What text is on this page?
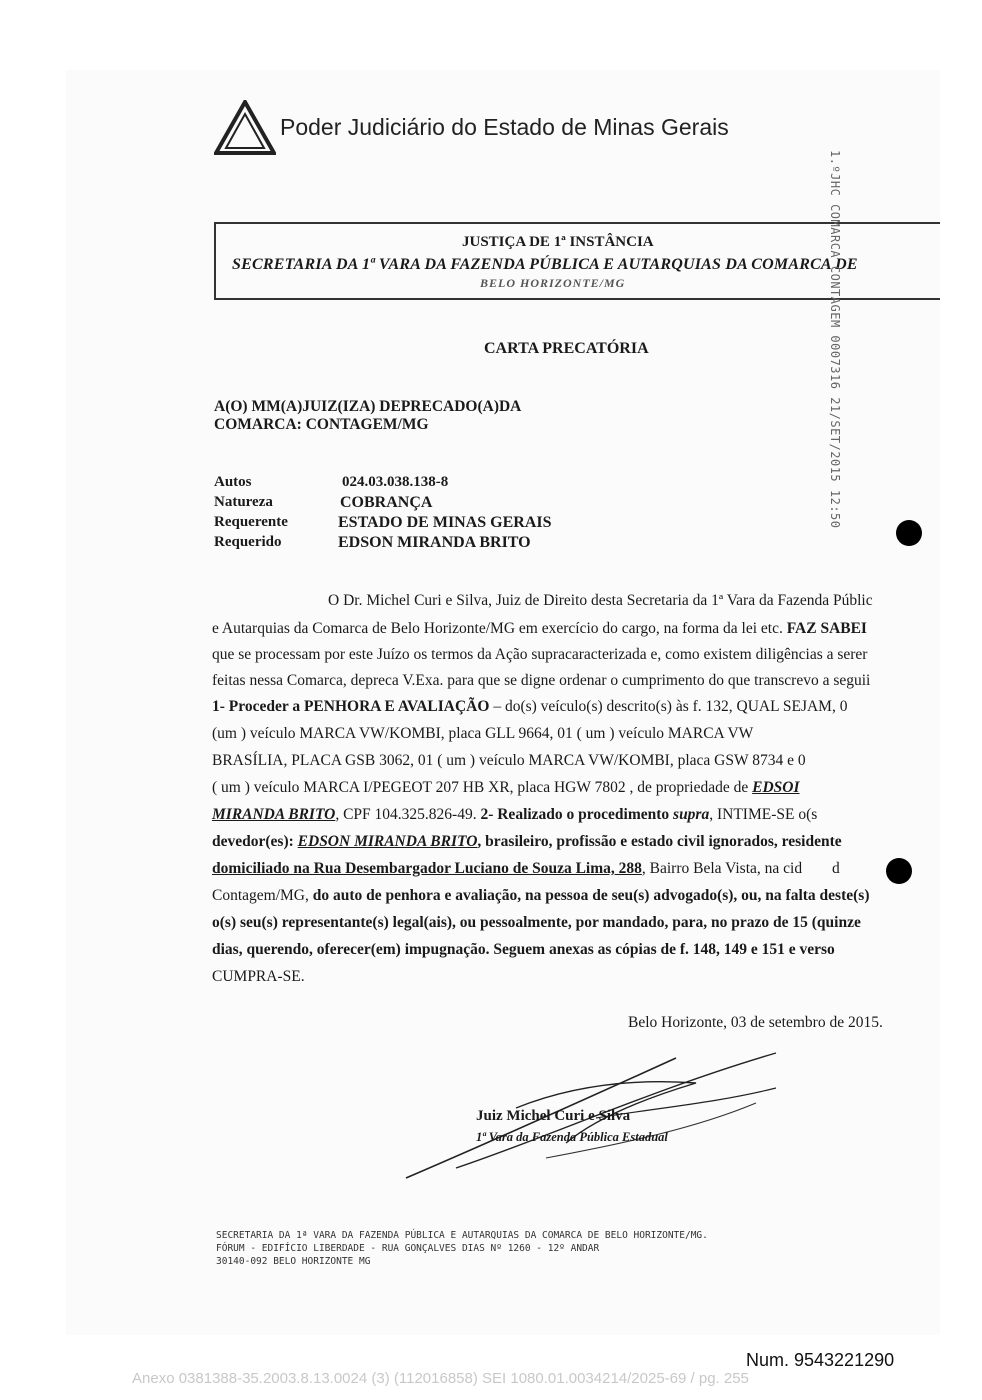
Poder Judiciário do Estado de Minas Gerais
JUSTIÇA DE 1ª INSTÂNCIA
SECRETARIA DA 1ª VARA DA FAZENDA PÚBLICA E AUTARQUIAS DA COMARCA DE
BELO HORIZONTE/MG	1.ºJHC COMARCA CONTAGEM 0007316 21/SET/2015 12:50
CARTA PRECATÓRIA
A(O) MM(A)JUIZ(IZA) DEPRECADO(A)DA
COMARCA: CONTAGEM/MG
Autos	024.03.038.138-8
Natureza	COBRANÇA
Requerente	ESTADO DE MINAS GERAIS
Requerido	EDSON MIRANDA BRITO
O Dr. Michel Curi e Silva, Juiz de Direito desta Secretaria da 1ª Vara da Fazenda Públic
e Autarquias da Comarca de Belo Horizonte/MG em exercício do cargo, na forma da lei etc. FAZ SABEI
que se processam por este Juízo os termos da Ação supracaracterizada e, como existem diligências a serer
feitas nessa Comarca, depreca V.Exa. para que se digne ordenar o cumprimento do que transcrevo a seguii
1- Proceder a PENHORA E AVALIAÇÃO – do(s) veículo(s) descrito(s) às f. 132, QUAL SEJAM, 0
(um ) veículo MARCA VW/KOMBI, placa GLL 9664, 01 ( um ) veículo MARCA VW
BRASÍLIA, PLACA GSB 3062, 01 ( um ) veículo MARCA VW/KOMBI, placa GSW 8734 e 0
( um ) veículo MARCA I/PEGEOT 207 HB XR, placa HGW 7802 , de propriedade de EDSOI
MIRANDA BRITO, CPF 104.325.826-49. 2- Realizado o procedimento supra, INTIME-SE o(s
devedor(es): EDSON MIRANDA BRITO, brasileiro, profissão e estado civil ignorados, residente
domiciliado na Rua Desembargador Luciano de Souza Lima, 288, Bairro Bela Vista, na cid d
Contagem/MG, do auto de penhora e avaliação, na pessoa de seu(s) advogado(s), ou, na falta deste(s)
o(s) seu(s) representante(s) legal(ais), ou pessoalmente, por mandado, para, no prazo de 15 (quinze
dias, querendo, oferecer(em) impugnação. Seguem anexas as cópias de f. 148, 149 e 151 e verso
CUMPRA-SE.
Belo Horizonte, 03 de setembro de 2015.
Juiz Michel Curi e Silva
1ª Vara da Fazenda Pública Estadual
SECRETARIA DA 1ª VARA DA FAZENDA PÚBLICA E AUTARQUIAS DA COMARCA DE BELO HORIZONTE/MG.
FÓRUM - EDIFÍCIO LIBERDADE - RUA GONÇALVES DIAS Nº 1260 - 12º ANDAR
30140-092 BELO HORIZONTE MG
Num. 9543221290
Anexo 0381388-35.2003.8.13.0024 (3) (112016858) SEI 1080.01.0034214/2025-69 / pg. 255
